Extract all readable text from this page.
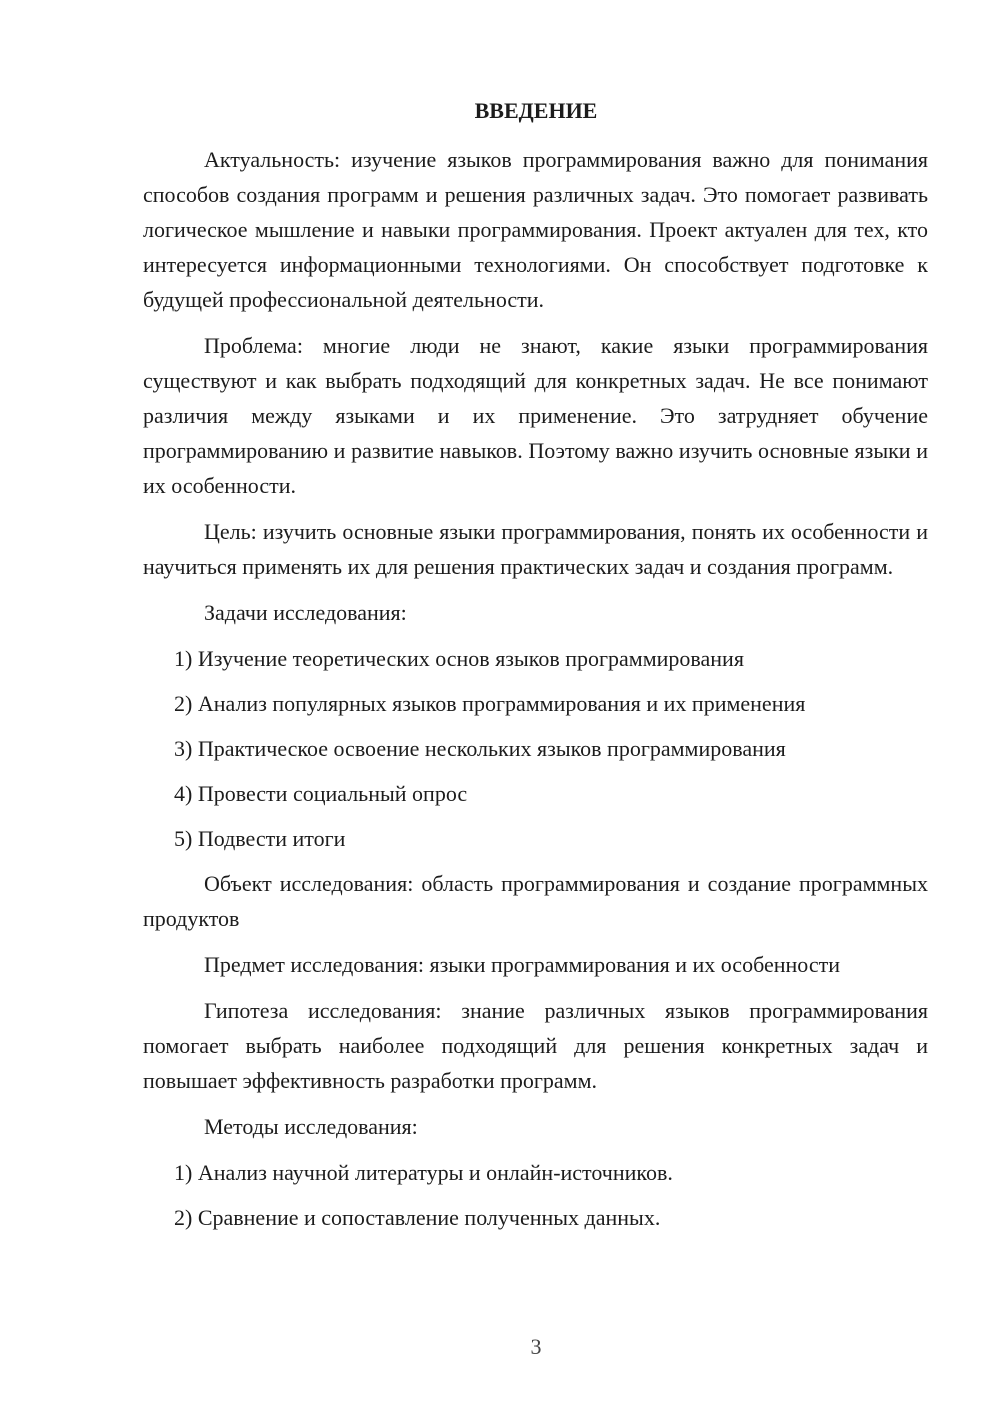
ВВЕДЕНИЕ

Актуальность: изучение языков программирования важно для понимания способов создания программ и решения различных задач. Это помогает развивать логическое мышление и навыки программирования. Проект актуален для тех, кто интересуется информационными технологиями. Он способствует подготовке к будущей профессиональной деятельности.

Проблема: многие люди не знают, какие языки программирования существуют и как выбрать подходящий для конкретных задач. Не все понимают различия между языками и их применение. Это затрудняет обучение программированию и развитие навыков. Поэтому важно изучить основные языки и их особенности.

Цель: изучить основные языки программирования, понять их особенности и научиться применять их для решения практических задач и создания программ.

Задачи исследования:

1) Изучение теоретических основ языков программирования
2) Анализ популярных языков программирования и их применения
3) Практическое освоение нескольких языков программирования
4) Провести социальный опрос
5) Подвести итоги

Объект исследования: область программирования и создание программных продуктов

Предмет исследования: языки программирования и их особенности

Гипотеза исследования: знание различных языков программирования помогает выбрать наиболее подходящий для решения конкретных задач и повышает эффективность разработки программ.

Методы исследования:

1) Анализ научной литературы и онлайн-источников.
2) Сравнение и сопоставление полученных данных.
3
